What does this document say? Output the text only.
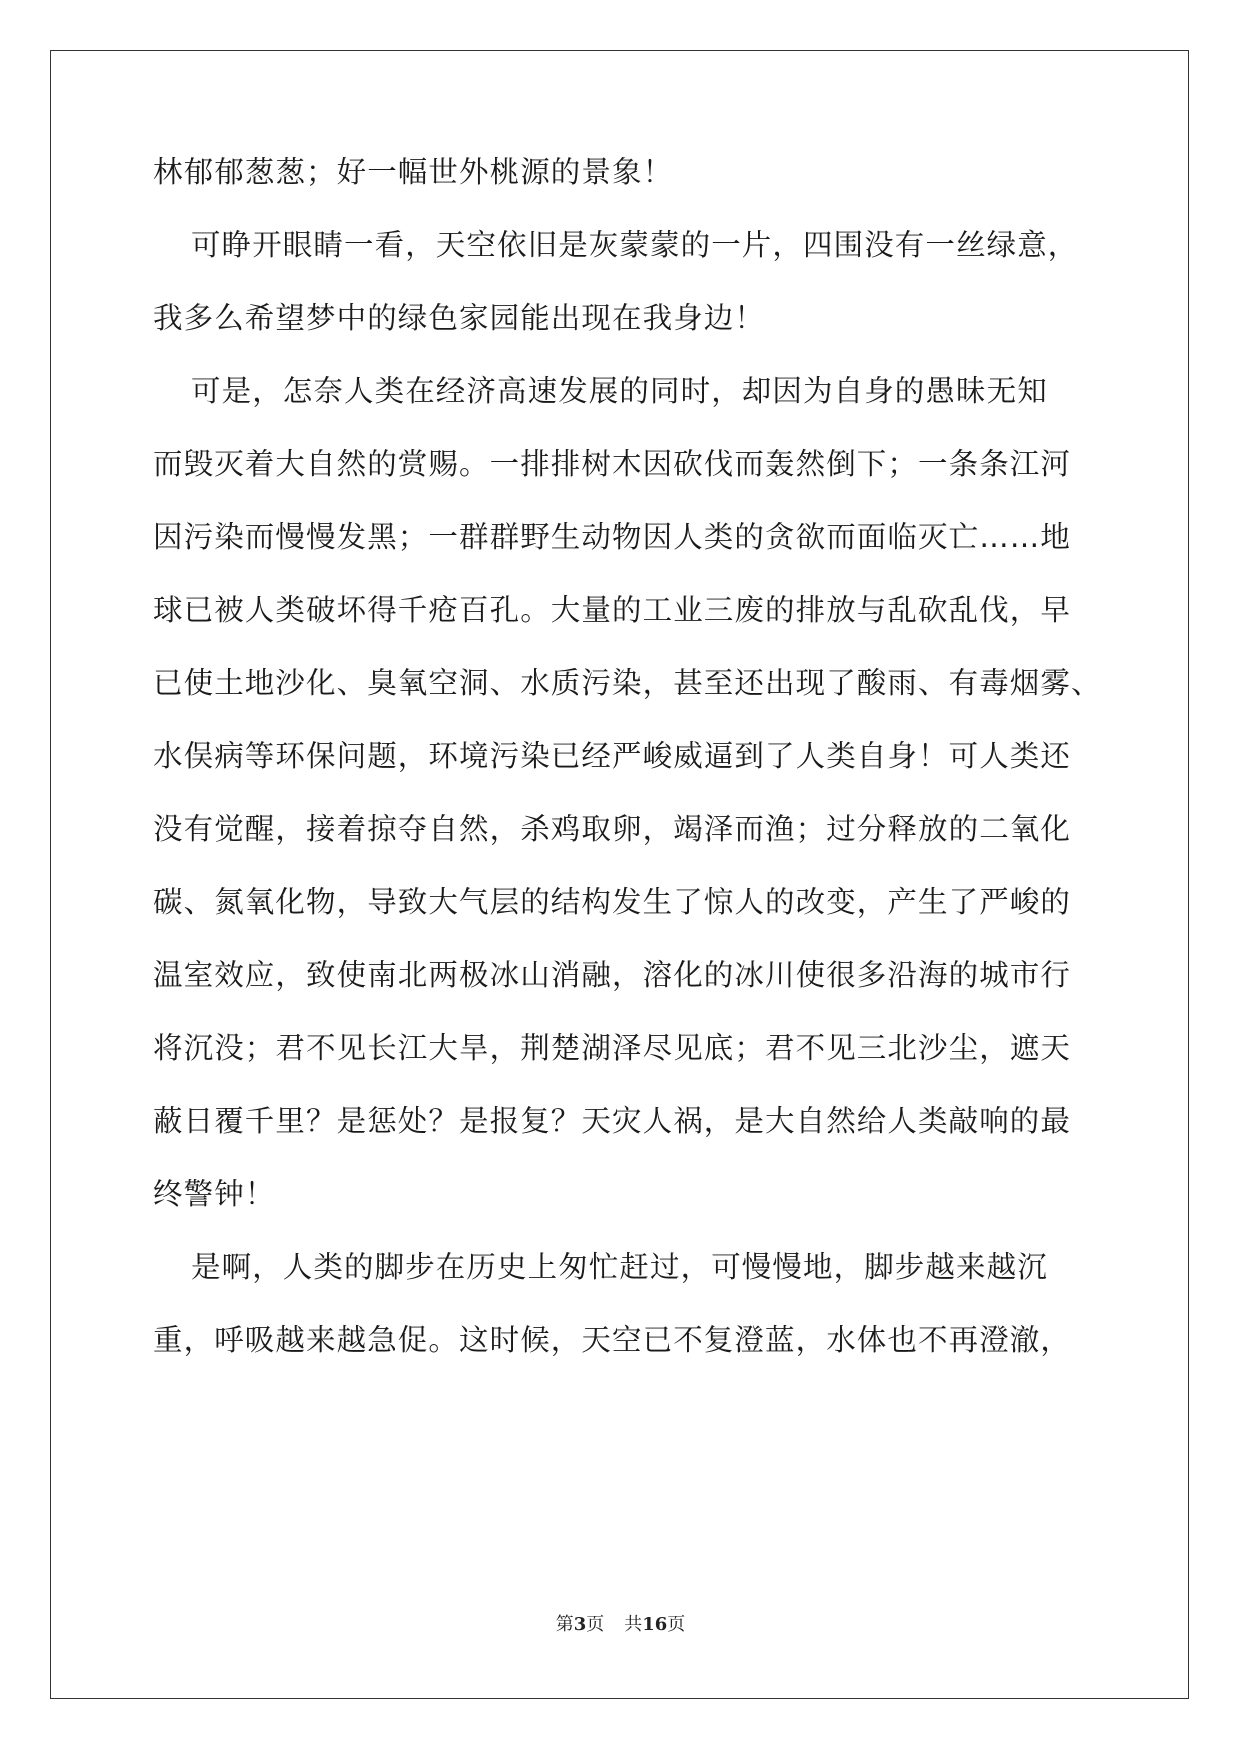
林郁郁葱葱；好一幅世外桃源的景象！
可睁开眼睛一看，天空依旧是灰蒙蒙的一片，四围没有一丝绿意，
我多么希望梦中的绿色家园能出现在我身边！
可是，怎奈人类在经济高速发展的同时，却因为自身的愚昧无知
而毁灭着大自然的赏赐。一排排树木因砍伐而轰然倒下；一条条江河
因污染而慢慢发黑；一群群野生动物因人类的贪欲而面临灭亡……地
球已被人类破坏得千疮百孔。大量的工业三废的排放与乱砍乱伐，早
已使土地沙化、臭氧空洞、水质污染，甚至还出现了酸雨、有毒烟雾、
水俣病等环保问题，环境污染已经严峻威逼到了人类自身！可人类还
没有觉醒，接着掠夺自然，杀鸡取卵，竭泽而渔；过分释放的二氧化
碳、氮氧化物，导致大气层的结构发生了惊人的改变，产生了严峻的
温室效应，致使南北两极冰山消融，溶化的冰川使很多沿海的城市行
将沉没；君不见长江大旱，荆楚湖泽尽见底；君不见三北沙尘，遮天
蔽日覆千里？是惩处？是报复？天灾人祸，是大自然给人类敲响的最
终警钟！
是啊，人类的脚步在历史上匆忙赶过，可慢慢地，脚步越来越沉
重，呼吸越来越急促。这时候，天空已不复澄蓝，水体也不再澄澈，
第3页 共16页
